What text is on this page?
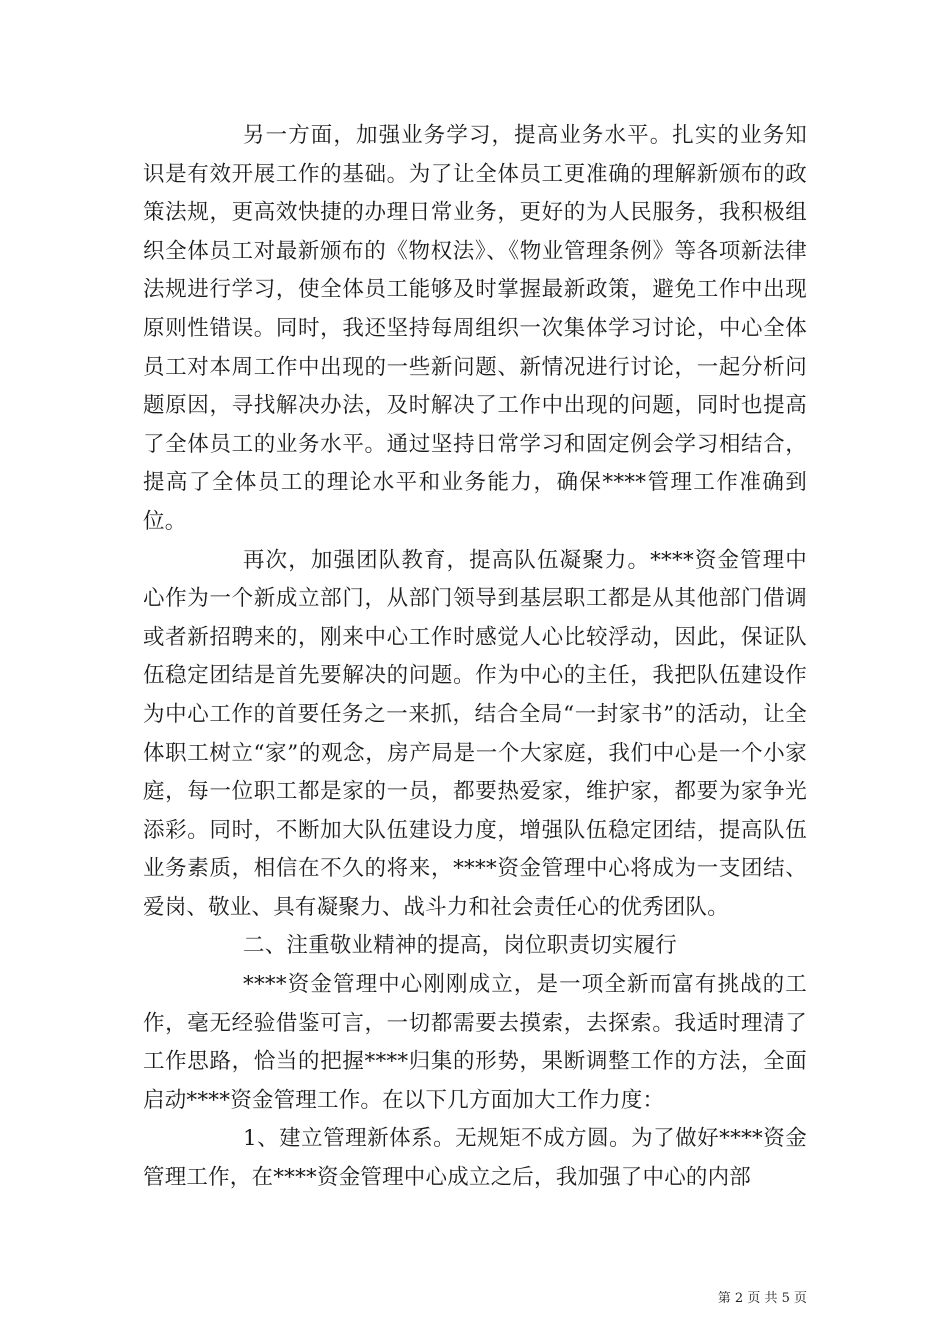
另一方面，加强业务学习，提高业务水平。扎实的业务知识是有效开展工作的基础。为了让全体员工更准确的理解新颁布的政策法规，更高效快捷的办理日常业务，更好的为人民服务，我积极组织全体员工对最新颁布的《物权法》、《物业管理条例》等各项新法律法规进行学习，使全体员工能够及时掌握最新政策，避免工作中出现原则性错误。同时，我还坚持每周组织一次集体学习讨论，中心全体员工对本周工作中出现的一些新问题、新情况进行讨论，一起分析问题原因，寻找解决办法，及时解决了工作中出现的问题，同时也提高了全体员工的业务水平。通过坚持日常学习和固定例会学习相结合，提高了全体员工的理论水平和业务能力，确保****管理工作准确到位。

再次，加强团队教育，提高队伍凝聚力。****资金管理中心作为一个新成立部门，从部门领导到基层职工都是从其他部门借调或者新招聘来的，刚来中心工作时感觉人心比较浮动，因此，保证队伍稳定团结是首先要解决的问题。作为中心的主任，我把队伍建设作为中心工作的首要任务之一来抓，结合全局“一封家书”的活动，让全体职工树立“家”的观念，房产局是一个大家庭，我们中心是一个小家庭，每一位职工都是家的一员，都要热爱家，维护家，都要为家争光添彩。同时，不断加大队伍建设力度，增强队伍稳定团结，提高队伍业务素质，相信在不久的将来，****资金管理中心将成为一支团结、爱岗、敬业、具有凝聚力、战斗力和社会责任心的优秀团队。

二、注重敬业精神的提高，岗位职责切实履行

****资金管理中心刚刚成立，是一项全新而富有挑战的工作，毫无经验借鉴可言，一切都需要去摸索，去探索。我适时理清了工作思路，恰当的把握****归集的形势，果断调整工作的方法，全面启动****资金管理工作。在以下几方面加大工作力度：

1、建立管理新体系。无规矩不成方圆。为了做好****资金管理工作，在****资金管理中心成立之后，我加强了中心的内部

第 2 页 共 5 页
